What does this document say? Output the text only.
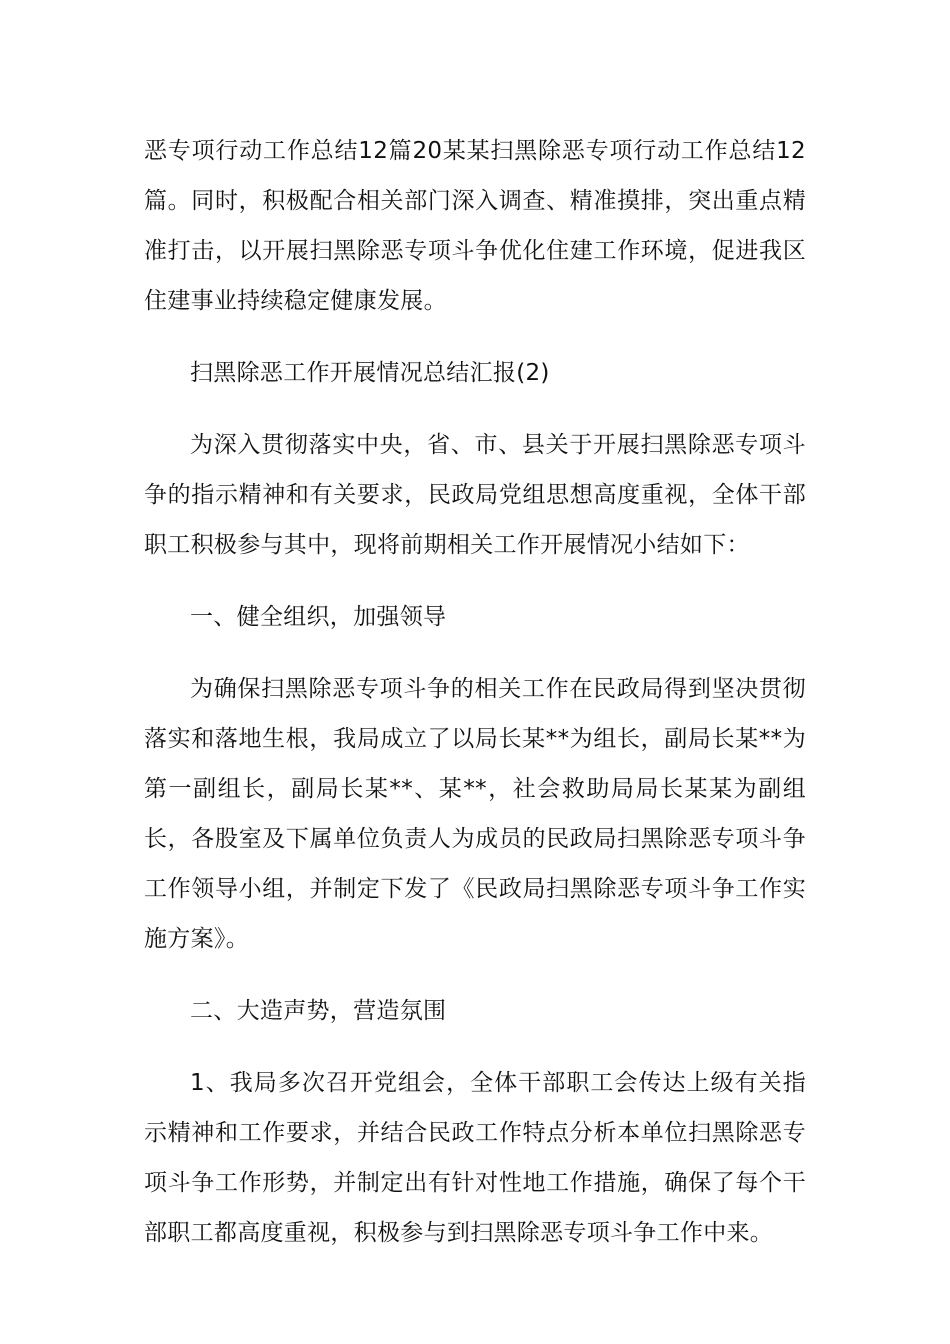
恶专项行动工作总结12篇20某某扫黑除恶专项行动工作总结12篇。同时，积极配合相关部门深入调查、精准摸排，突出重点精准打击，以开展扫黑除恶专项斗争优化住建工作环境，促进我区住建事业持续稳定健康发展。

扫黑除恶工作开展情况总结汇报(2)

为深入贯彻落实中央，省、市、县关于开展扫黑除恶专项斗争的指示精神和有关要求，民政局党组思想高度重视，全体干部职工积极参与其中，现将前期相关工作开展情况小结如下：

一、健全组织，加强领导

为确保扫黑除恶专项斗争的相关工作在民政局得到坚决贯彻落实和落地生根，我局成立了以局长某**为组长，副局长某**为第一副组长，副局长某**、某**，社会救助局局长某某为副组长，各股室及下属单位负责人为成员的民政局扫黑除恶专项斗争工作领导小组，并制定下发了《民政局扫黑除恶专项斗争工作实施方案》。

二、大造声势，营造氛围

1、我局多次召开党组会，全体干部职工会传达上级有关指示精神和工作要求，并结合民政工作特点分析本单位扫黑除恶专项斗争工作形势，并制定出有针对性地工作措施，确保了每个干部职工都高度重视，积极参与到扫黑除恶专项斗争工作中来。
